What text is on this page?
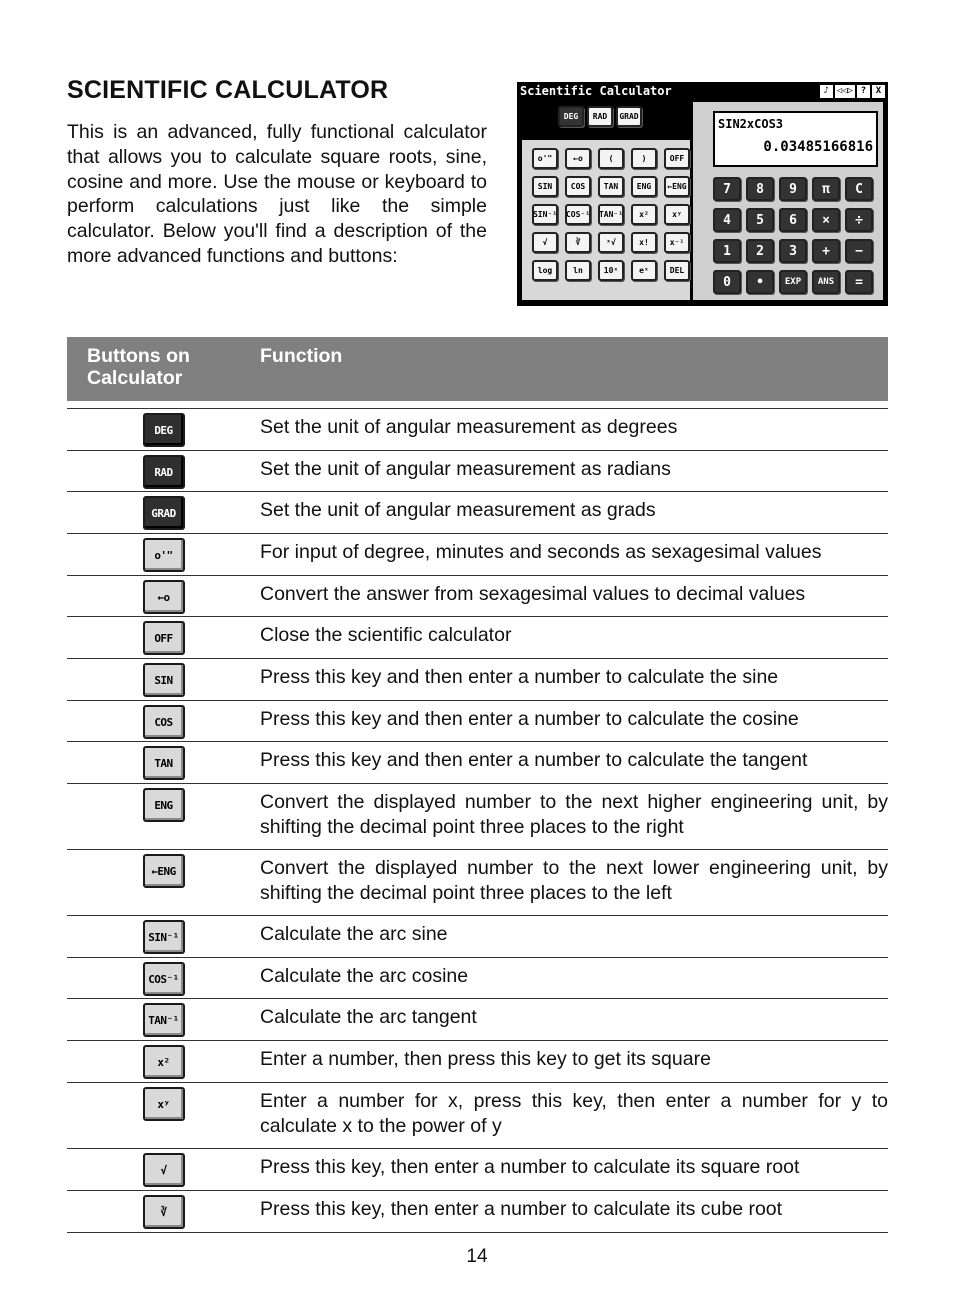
SCIENTIFIC CALCULATOR

This is an advanced, fully functional calculator that allows you to calculate square roots, sine, cosine and more. Use the mouse or keyboard to perform calculations just like the simple calculator. Below you'll find a description of the more advanced functions and buttons:

Scientific Calculator	♪ ◁◁▷ ?	X
DEG	RAD	GRAD
o'"	←o	(	)	OFF
SIN	COS	TAN	ENG	←ENG
SIN⁻¹ COS⁻¹ TAN⁻¹	x²	xʸ
√	∛	ˣ√	x!	x⁻¹
log	ln	10ˣ	eˣ	DEL
SIN2xCOS3
0.03485166816
7	8	9	π	C
4	5	6	×	÷
1	2	3	+	−
0	•	EXP	ANS	=
Buttons on Calculator
Function
DEG	Set the unit of angular measurement as degrees
RAD	Set the unit of angular measurement as radians
GRAD	Set the unit of angular measurement as grads
o'"	For input of degree, minutes and seconds as sexagesimal values
←o	Convert the answer from sexagesimal values to decimal values
OFF	Close the scientific calculator
SIN	Press this key and then enter a number to calculate the sine
COS	Press this key and then enter a number to calculate the cosine
TAN	Press this key and then enter a number to calculate the tangent
ENG	Convert the displayed number to the next higher engineering unit, by shifting the decimal point three places to the right
←ENG	Convert the displayed number to the next lower engineering unit, by shifting the decimal point three places to the left
SIN⁻¹	Calculate the arc sine
COS⁻¹	Calculate the arc cosine
TAN⁻¹	Calculate the arc tangent
x²	Enter a number, then press this key to get its square
xʸ	Enter a number for x, press this key, then enter a number for y to calculate x to the power of y
√	Press this key, then enter a number to calculate its square root
∛	Press this key, then enter a number to calculate its cube root
14
